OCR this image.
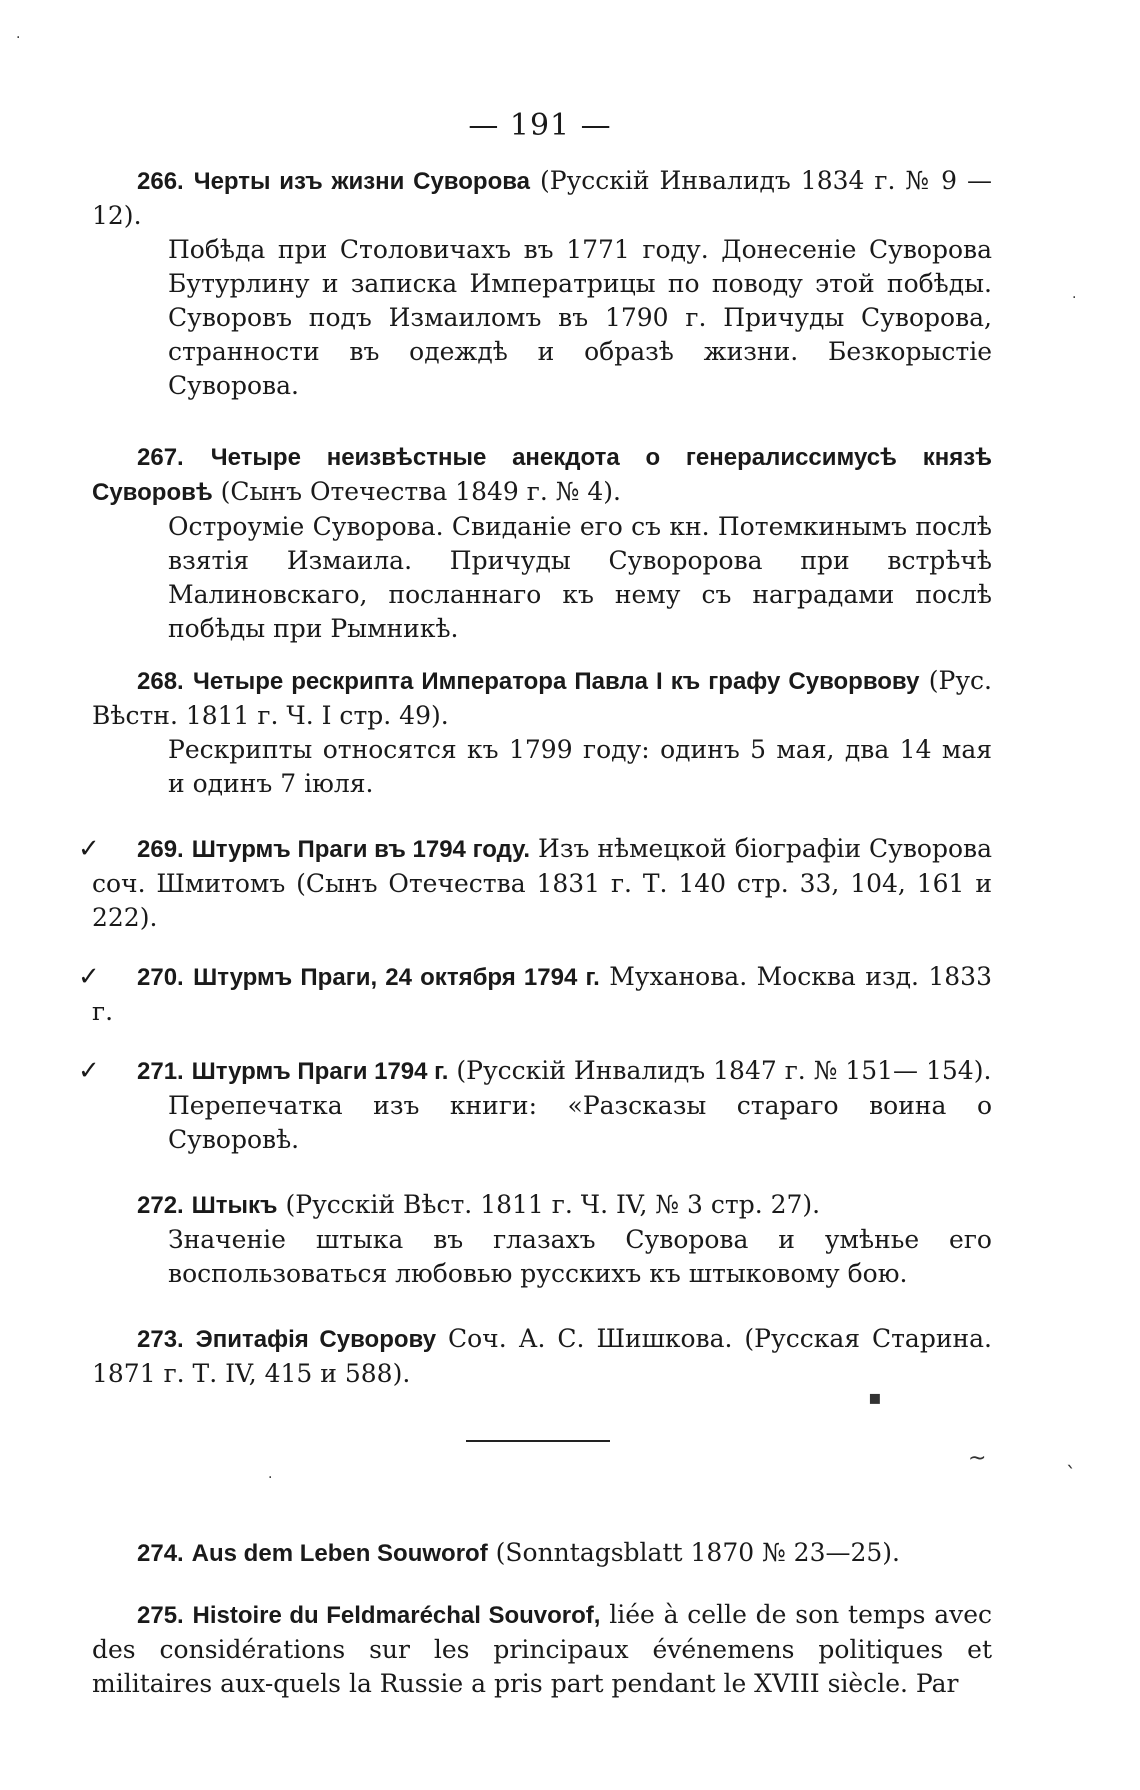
— 191 —
266. Черты изъ жизни Суворова (Русскій Инвалидъ 1834 г. № 9 —12).
Побѣда при Столовичахъ въ 1771 году. Донесеніе Суворова Бутурлину и записка Императрицы по поводу этой побѣды. Суворовъ подъ Измаиломъ въ 1790 г. Причуды Суворова, странности въ одеждѣ и образѣ жизни. Безкорыстіе Суворова.
267. Четыре неизвѣстные анекдота о генералиссимусѣ князѣ Суворовѣ (Сынъ Отечества 1849 г. № 4).
Остроуміе Суворова. Свиданіе его съ кн. Потемкинымъ послѣ взятія Измаила. Причуды Сувороpова при встрѣчѣ Малиновскаго, посланнаго къ нему съ наградами послѣ побѣды при Рымникѣ.
268. Четыре рескрипта Императора Павла I къ графу Суворвову (Рус. Вѣстн. 1811 г. Ч. I стр. 49).
Рескрипты относятся къ 1799 году: одинъ 5 мая, два 14 мая и одинъ 7 іюля.
✓	269. Штурмъ Праги въ 1794 году. Изъ нѣмецкой біографіи Суворова соч. Шмитомъ (Сынъ Отечества 1831 г. Т. 140 стр. 33, 104, 161 и 222).
✓	270. Штурмъ Праги, 24 октября 1794 г. Муханова. Москва изд. 1833 г.
✓	271. Штурмъ Праги 1794 г. (Русскій Инвалидъ 1847 г. № 151— 154).
Перепечатка изъ книги: «Разсказы стараго воина о Суворовѣ.
272. Штыкъ (Русскій Вѣст. 1811 г. Ч. IV, № 3 стр. 27).
Значеніе штыка въ глазахъ Суворова и умѣнье его воспользоваться любовью русскихъ къ штыковому бою.
273. Эпитафія Суворову Соч. А. С. Шишкова. (Русская Старина. 1871 г. Т. IV, 415 и 588).
274. Aus dem Leben Souworof (Sonntagsblatt 1870 № 23—25).
275. Histoire du Feldmaréchal Souvorof, liée à celle de son temps avec des considérations sur les principaux événemens politiques et militaires aux-quels la Russie a pris part pendant le XVIII siècle. Par
·
·
▪
~
ˋ
·
